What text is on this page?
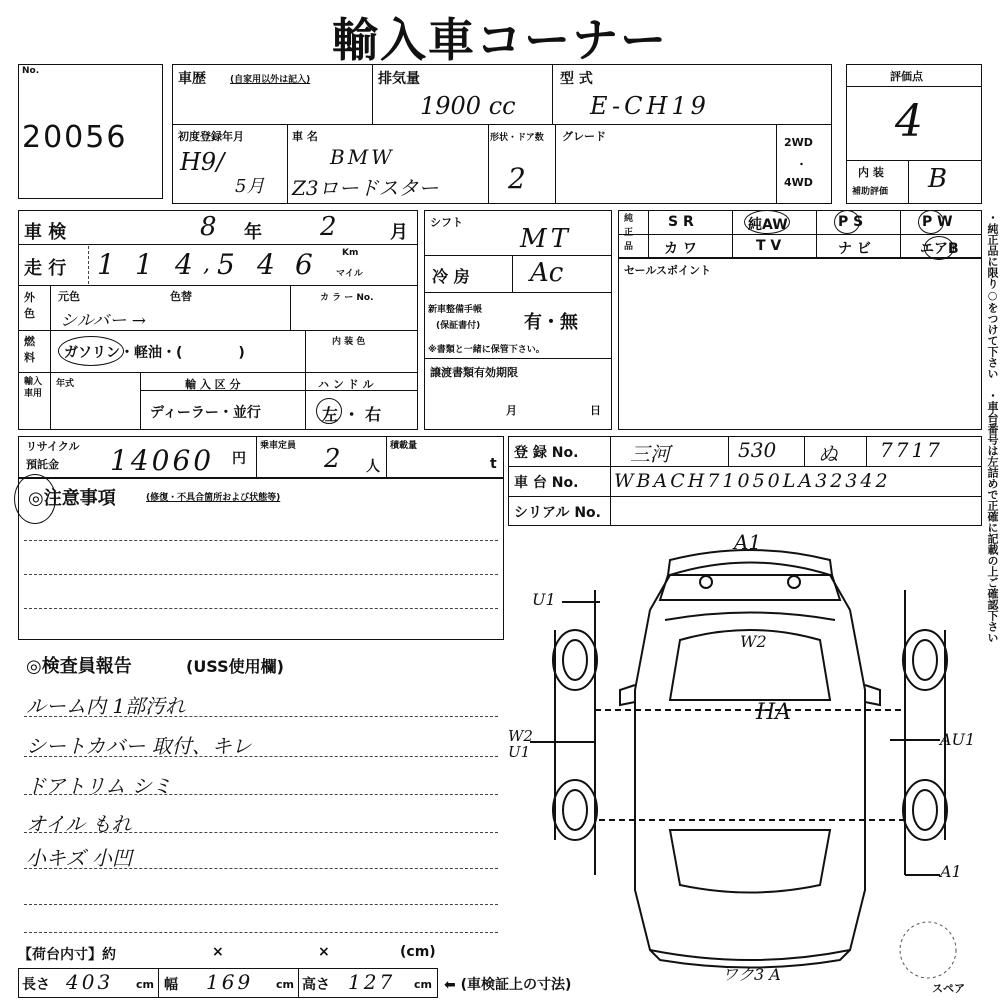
輸入車コーナー
No.
20056
車歴	(自家用以外は記入)	排気量
1900 cc
型 式
E-CH19
初度登録年月
H9/
5月
車 名
BMW
Z3ロードスター
形状・ドア数
2
グレード	2WD
・
4WD
評価点
4
内 装
補助評価 B
車 検	8 年 2	月
走 行 1 1 4 , 5 4 6	Km
マイル
外色
元色	色替
シルバー →
カ ラ ー No.
燃料	ガソリン・軽油・(　　　　)
内 装 色
輸入車用
年式	輸 入 区 分
ディーラー・並行
ハ ン ド ル
左 ・ 右
シフト
MT
冷 房 Ac
新車整備手帳
(保証書付) 有・無
※書類と一緒に保管下さい。
譲渡書類有効期限
月	日
純正品
S R	純AW	P S	P W
カ ワ	T V	ナ ビ	エアB
セールスポイント	・純正品に限り○をつけて下さい　・車台番号は左詰めで正確に記載の上ご確認下さい
リサイクル
預託金 14060 円
乗車定員 2 人
積載量
t
登 録 No.	三河	530 ぬ 7717
車 台 No. WBACH71050LA32342
シリアル No.
◎注意事項	(修復・不具合箇所および状態等)
◎検査員報告	(USS使用欄)
ルーム内 1部汚れ
シートカバー 取付、キレ
ドアトリム シミ
オイル もれ
小キズ 小凹
【荷台内寸】約	×	×	(cm)
長さ 403 cm 幅 169 cm 高さ 127 cm ⬅ (車検証上の寸法)
A1
W2
U1
HA
W2
U1
AU1
A1
ワク3 A
スペア
